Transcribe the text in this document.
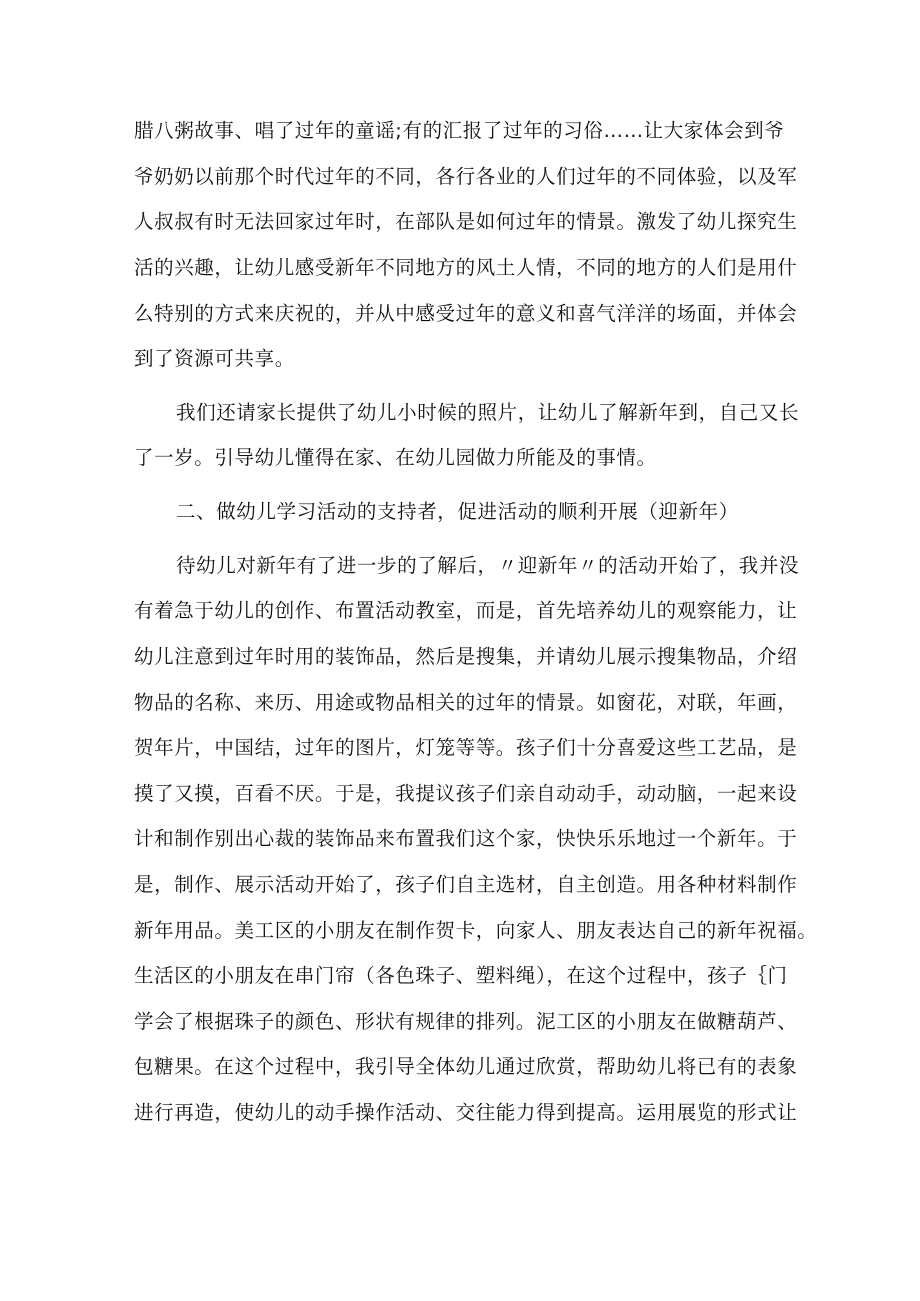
腊八粥故事、唱了过年的童谣;有的汇报了过年的习俗……让大家体会到爷

爷奶奶以前那个时代过年的不同，各行各业的人们过年的不同体验，以及军

人叔叔有时无法回家过年时，在部队是如何过年的情景。激发了幼儿探究生

活的兴趣，让幼儿感受新年不同地方的风土人情，不同的地方的人们是用什

么特别的方式来庆祝的，并从中感受过年的意义和喜气洋洋的场面，并体会

到了资源可共享。

我们还请家长提供了幼儿小时候的照片，让幼儿了解新年到，自己又长

了一岁。引导幼儿懂得在家、在幼儿园做力所能及的事情。

二、做幼儿学习活动的支持者，促进活动的顺利开展（迎新年）

待幼儿对新年有了进一步的了解后，〃迎新年〃的活动开始了，我并没

有着急于幼儿的创作、布置活动教室，而是，首先培养幼儿的观察能力，让

幼儿注意到过年时用的装饰品，然后是搜集，并请幼儿展示搜集物品，介绍

物品的名称、来历、用途或物品相关的过年的情景。如窗花，对联，年画，

贺年片，中国结，过年的图片，灯笼等等。孩子们十分喜爱这些工艺品，是

摸了又摸，百看不厌。于是，我提议孩子们亲自动动手，动动脑，一起来设

计和制作别出心裁的装饰品来布置我们这个家，快快乐乐地过一个新年。于

是，制作、展示活动开始了，孩子们自主选材，自主创造。用各种材料制作

新年用品。美工区的小朋友在制作贺卡，向家人、朋友表达自己的新年祝福。

生活区的小朋友在串门帘（各色珠子、塑料绳），在这个过程中，孩子｛门

学会了根据珠子的颜色、形状有规律的排列。泥工区的小朋友在做糖葫芦、

包糖果。在这个过程中，我引导全体幼儿通过欣赏，帮助幼儿将已有的表象

进行再造，使幼儿的动手操作活动、交往能力得到提高。运用展览的形式让
